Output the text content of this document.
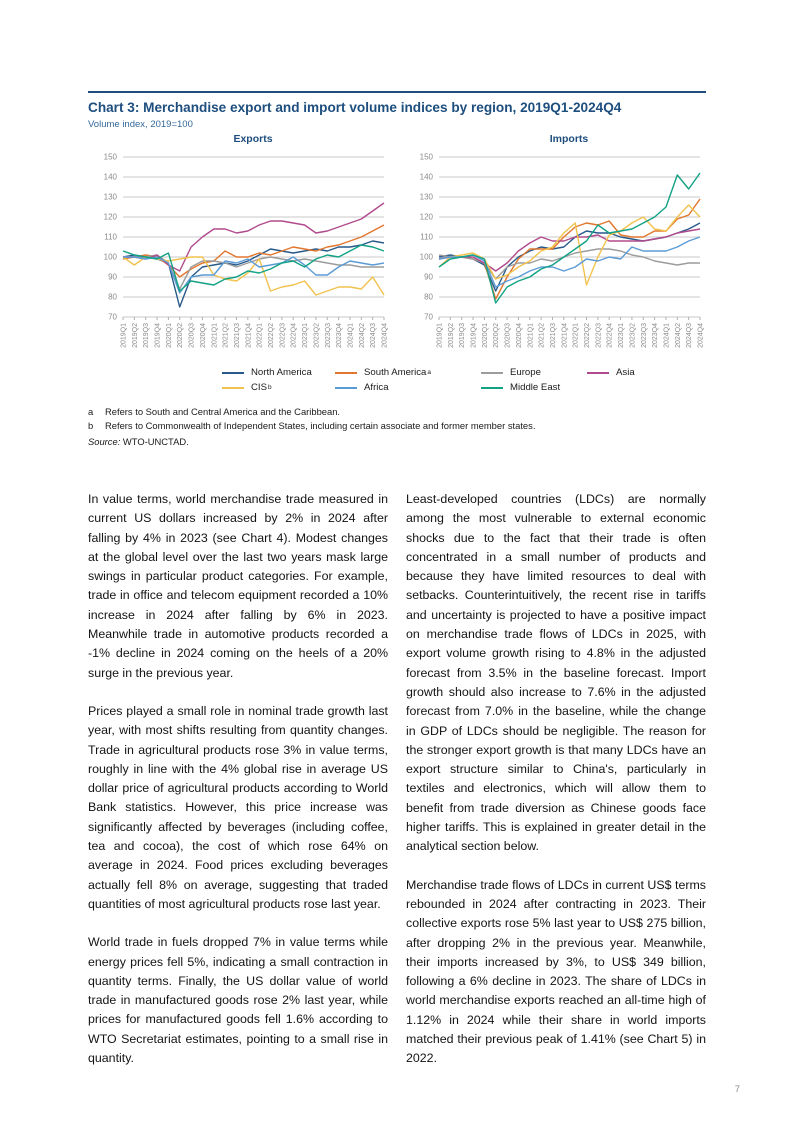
Chart 3: Merchandise export and import volume indices by region, 2019Q1-2024Q4
Volume index, 2019=100
Exports
70
80
90
100
110
120
130
140
150
2019Q1 2019Q2 2019Q3 2019Q4 2020Q1 2020Q2 2020Q3 2020Q4 2021Q1 2021Q2 2021Q3 2021Q4 2022Q1 2022Q2 2022Q3 2022Q4 2023Q1 2023Q2 2023Q3 2023Q4 2024Q1 2024Q2 2024Q3 2024Q4
Imports
70
80
90
100
110
120
130
140
150
2019Q1 2019Q2 2019Q3 2019Q4 2020Q1 2020Q2 2020Q3 2020Q4 2021Q1 2021Q2 2021Q3 2021Q4 2022Q1 2022Q2 2022Q3 2022Q4 2023Q1 2023Q2 2023Q3 2023Q4 2024Q1 2024Q2 2024Q3 2024Q4
North America	South America a	Europe	Asia
CIS b	Africa	Middle East
a	Refers to South and Central America and the Caribbean.
b	Refers to Commonwealth of Independent States, including certain associate and former member states.
Source: WTO-UNCTAD.

In value terms, world merchandise trade measured in current US dollars increased by 2% in 2024 after falling by 4% in 2023 (see Chart 4). Modest changes at the global level over the last two years mask large swings in particular product categories. For example, trade in office and telecom equipment recorded a 10% increase in 2024 after falling by 6% in 2023. Meanwhile trade in automotive products recorded a -1% decline in 2024 coming on the heels of a 20% surge in the previous year.

Prices played a small role in nominal trade growth last year, with most shifts resulting from quantity changes. Trade in agricultural products rose 3% in value terms, roughly in line with the 4% global rise in average US dollar price of agricultural products according to World Bank statistics. However, this price increase was significantly affected by beverages (including coffee, tea and cocoa), the cost of which rose 64% on average in 2024. Food prices excluding beverages actually fell 8% on average, suggesting that traded quantities of most agricultural products rose last year.

World trade in fuels dropped 7% in value terms while energy prices fell 5%, indicating a small contraction in quantity terms. Finally, the US dollar value of world trade in manufactured goods rose 2% last year, while prices for manufactured goods fell 1.6% according to WTO Secretariat estimates, pointing to a small rise in quantity.

Least-developed countries (LDCs) are normally among the most vulnerable to external economic shocks due to the fact that their trade is often concentrated in a small number of products and because they have limited resources to deal with setbacks. Counterintuitively, the recent rise in tariffs and uncertainty is projected to have a positive impact on merchandise trade flows of LDCs in 2025, with export volume growth rising to 4.8% in the adjusted forecast from 3.5% in the baseline forecast. Import growth should also increase to 7.6% in the adjusted forecast from 7.0% in the baseline, while the change in GDP of LDCs should be negligible. The reason for the stronger export growth is that many LDCs have an export structure similar to China's, particularly in textiles and electronics, which will allow them to benefit from trade diversion as Chinese goods face higher tariffs. This is explained in greater detail in the analytical section below.

Merchandise trade flows of LDCs in current US$ terms rebounded in 2024 after contracting in 2023. Their collective exports rose 5% last year to US$ 275 billion, after dropping 2% in the previous year. Meanwhile, their imports increased by 3%, to US$ 349 billion, following a 6% decline in 2023. The share of LDCs in world merchandise exports reached an all-time high of 1.12% in 2024 while their share in world imports matched their previous peak of 1.41% (see Chart 5) in 2022.

7
